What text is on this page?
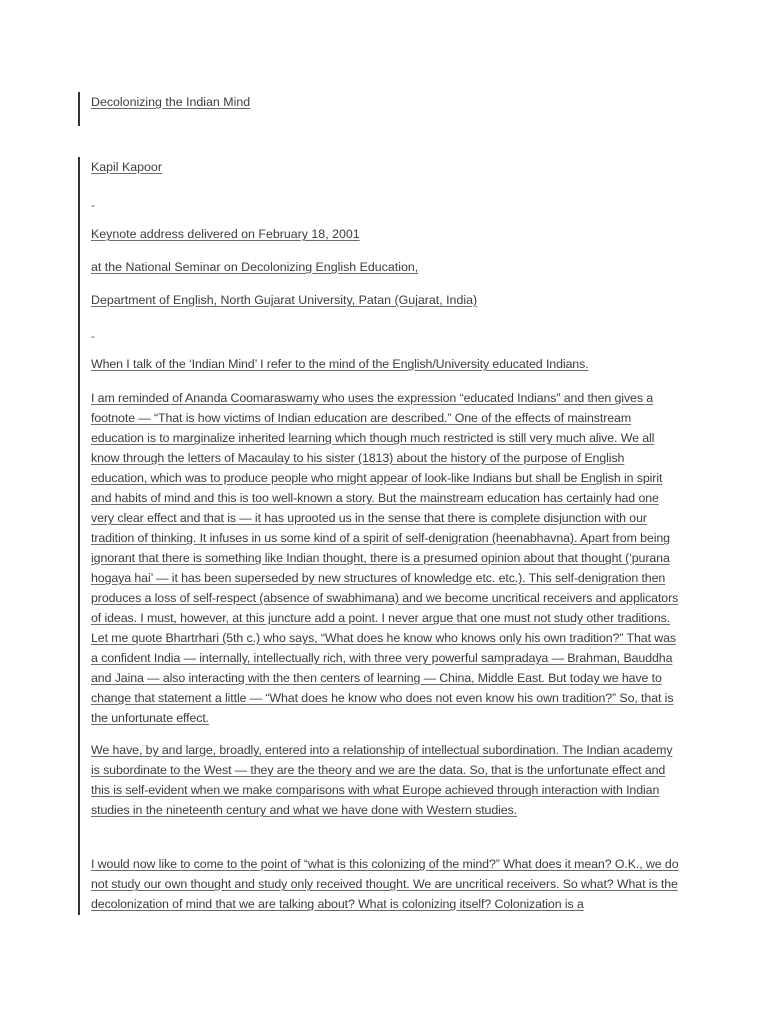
Decolonizing the Indian Mind

Kapil Kapoor

-

Keynote address delivered on February 18, 2001

at the National Seminar on Decolonizing English Education,

Department of English, North Gujarat University, Patan (Gujarat, India)

-

When I talk of the ‘Indian Mind’ I refer to the mind of the English/University educated Indians.

I am reminded of Ananda Coomaraswamy who uses the expression “educated Indians” and then gives a footnote — “That is how victims of Indian education are described.” One of the effects of mainstream education is to marginalize inherited learning which though much restricted is still very much alive. We all know through the letters of Macaulay to his sister (1813) about the history of the purpose of English education, which was to produce people who might appear of look-like Indians but shall be English in spirit and habits of mind and this is too well-known a story. But the mainstream education has certainly had one very clear effect and that is — it has uprooted us in the sense that there is complete disjunction with our tradition of thinking. It infuses in us some kind of a spirit of self-denigration (heenabhavna). Apart from being ignorant that there is something like Indian thought, there is a presumed opinion about that thought (‘purana hogaya hai’ — it has been superseded by new structures of knowledge etc. etc.). This self-denigration then produces a loss of self-respect (absence of swabhimana) and we become uncritical receivers and applicators of ideas. I must, however, at this juncture add a point. I never argue that one must not study other traditions. Let me quote Bhartrhari (5th c.) who says, “What does he know who knows only his own tradition?” That was a confident India — internally, intellectually rich, with three very powerful sampradaya — Brahman, Bauddha and Jaina — also interacting with the then centers of learning — China, Middle East. But today we have to change that statement a little — “What does he know who does not even know his own tradition?” So, that is the unfortunate effect.

We have, by and large, broadly, entered into a relationship of intellectual subordination. The Indian academy is subordinate to the West — they are the theory and we are the data. So, that is the unfortunate effect and this is self-evident when we make comparisons with what Europe achieved through interaction with Indian studies in the nineteenth century and what we have done with Western studies.

I would now like to come to the point of “what is this colonizing of the mind?” What does it mean? O.K., we do not study our own thought and study only received thought. We are uncritical receivers. So what? What is the decolonization of mind that we are talking about? What is colonizing itself? Colonization is a
